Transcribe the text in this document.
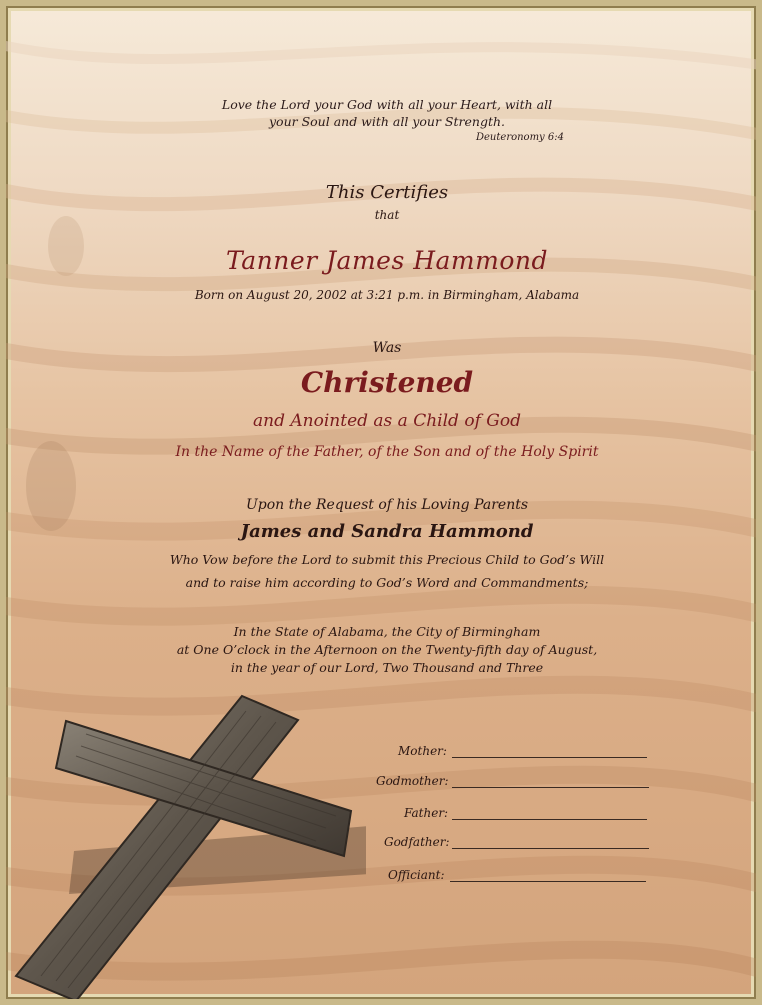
Love the Lord your God with all your Heart, with all
your Soul and with all your Strength.
Deuteronomy 6:4
This Certifies
that
Tanner James Hammond
Born on August 20, 2002 at 3:21 p.m. in Birmingham, Alabama
Was
Christened
and Anointed as a Child of God
In the Name of the Father, of the Son and of the Holy Spirit
Upon the Request of his Loving Parents
James and Sandra Hammond
Who Vow before the Lord to submit this Precious Child to God’s Will
and to raise him according to God’s Word and Commandments;
In the State of Alabama, the City of Birmingham
at One O’clock in the Afternoon on the Twenty-fifth day of August,
in the year of our Lord, Two Thousand and Three
Mother:
Godmother:
Father:
Godfather:
Officiant:
